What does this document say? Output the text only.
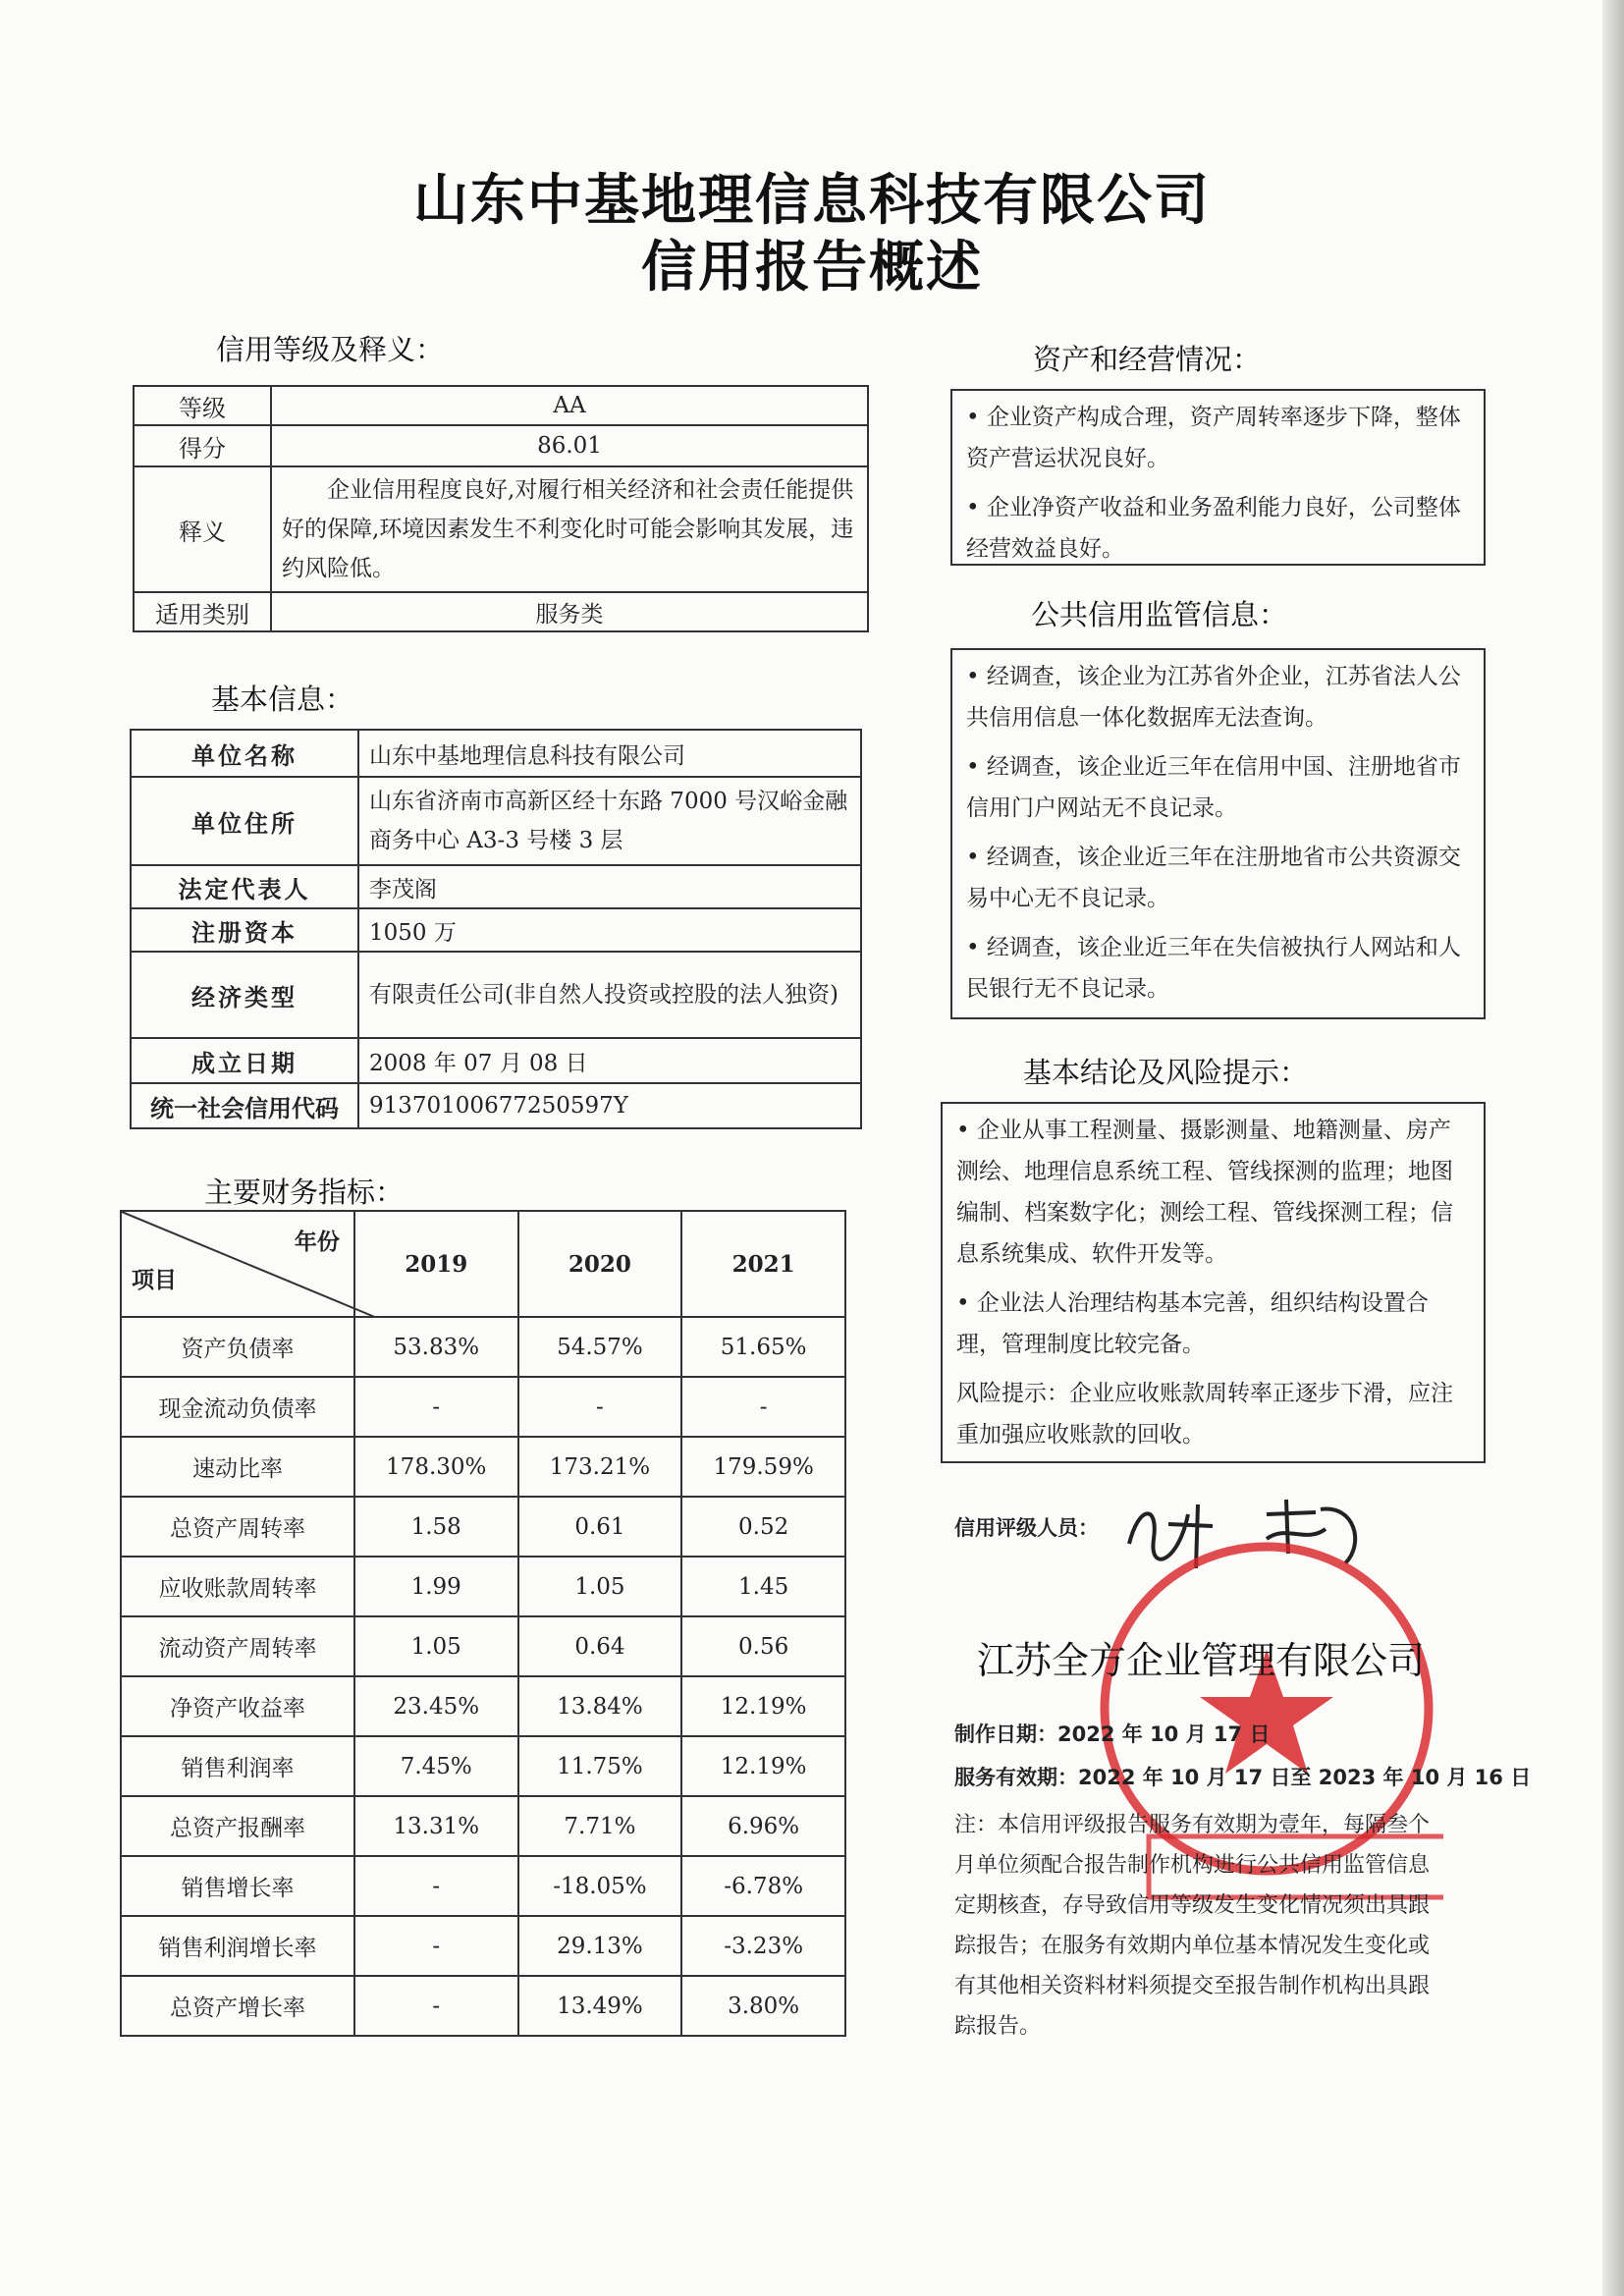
山东中基地理信息科技有限公司
信用报告概述
信用等级及释义：
等级	AA
得分	86.01
释义	企业信用程度良好,对履行相关经济和社会责任能提供好的保障,环境因素发生不利变化时可能会影响其发展，违约风险低。
适用类别	服务类
基本信息：
单位名称	山东中基地理信息科技有限公司
单位住所	山东省济南市高新区经十东路 7000 号汉峪金融商务中心 A3-3 号楼 3 层
法定代表人	李茂阁
注册资本	1050 万
经济类型	有限责任公司(非自然人投资或控股的法人独资)
成立日期	2008 年 07 月 08 日
统一社会信用代码	91370100677250597Y
主要财务指标：
年份
项目	2019	2020	2021
资产负债率	53.83%	54.57%	51.65%
现金流动负债率	-	-	-
速动比率	178.30%	173.21%	179.59%
总资产周转率	1.58	0.61	0.52
应收账款周转率	1.99	1.05	1.45
流动资产周转率	1.05	0.64	0.56
净资产收益率	23.45%	13.84%	12.19%
销售利润率	7.45%	11.75%	12.19%
总资产报酬率	13.31%	7.71%	6.96%
销售增长率	-	-18.05%	-6.78%
销售利润增长率	-	29.13%	-3.23%
总资产增长率	-	13.49%	3.80%
资产和经营情况：

• 企业资产构成合理，资产周转率逐步下降，整体资产营运状况良好。

• 企业净资产收益和业务盈利能力良好，公司整体经营效益良好。

公共信用监管信息：

• 经调查，该企业为江苏省外企业，江苏省法人公共信用信息一体化数据库无法查询。

• 经调查，该企业近三年在信用中国、注册地省市信用门户网站无不良记录。

• 经调查，该企业近三年在注册地省市公共资源交易中心无不良记录。

• 经调查，该企业近三年在失信被执行人网站和人民银行无不良记录。

基本结论及风险提示：

• 企业从事工程测量、摄影测量、地籍测量、房产测绘、地理信息系统工程、管线探测的监理；地图编制、档案数字化；测绘工程、管线探测工程；信息系统集成、软件开发等。

• 企业法人治理结构基本完善，组织结构设置合理，管理制度比较完备。

风险提示：企业应收账款周转率正逐步下滑，应注重加强应收账款的回收。

信用评级人员：
江苏全方企业管理有限公司
制作日期：2022 年 10 月 17 日
服务有效期：2022 年 10 月 17 日至 2023 年 10 月 16 日
注：本信用评级报告服务有效期为壹年，每隔叁个月单位须配合报告制作机构进行公共信用监管信息定期核查，存导致信用等级发生变化情况须出具跟踪报告；在服务有效期内单位基本情况发生变化或有其他相关资料材料须提交至报告制作机构出具跟踪报告。
